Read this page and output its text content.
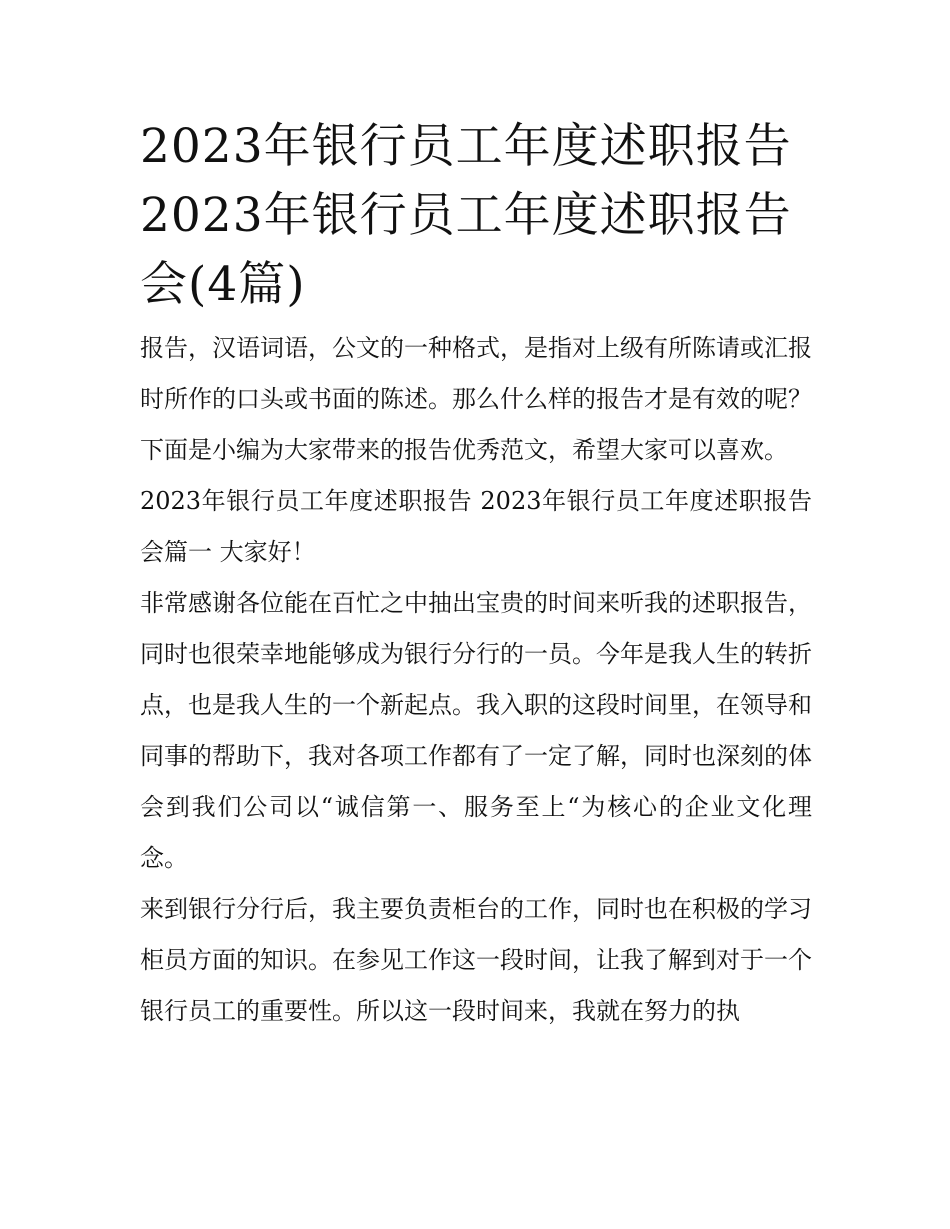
2023年银行员工年度述职报告 2023年银行员工年度述职报告会(4篇)

报告，汉语词语，公文的一种格式，是指对上级有所陈请或汇报时所作的口头或书面的陈述。那么什么样的报告才是有效的呢？下面是小编为大家带来的报告优秀范文，希望大家可以喜欢。

2023年银行员工年度述职报告 2023年银行员工年度述职报告会篇一 大家好！

非常感谢各位能在百忙之中抽出宝贵的时间来听我的述职报告，同时也很荣幸地能够成为银行分行的一员。今年是我人生的转折点，也是我人生的一个新起点。我入职的这段时间里，在领导和同事的帮助下，我对各项工作都有了一定了解，同时也深刻的体会到我们公司以“诚信第一、服务至上“为核心的企业文化理念。

来到银行分行后，我主要负责柜台的工作，同时也在积极的学习柜员方面的知识。在参见工作这一段时间，让我了解到对于一个银行员工的重要性。所以这一段时间来，我就在努力的执
